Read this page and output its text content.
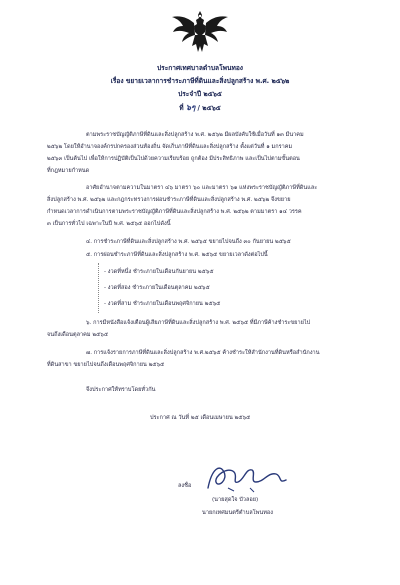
ประกาศเทศบาลตำบลโพนทอง
เรื่อง ขยายเวลาการชำระภาษีที่ดินและสิ่งปลูกสร้าง พ.ศ. ๒๕๖๒
ประจำปี ๒๕๖๕
ที่ ๖ๆ / ๒๕๖๕
ตามพระราชบัญญัติภาษีที่ดินและสิ่งปลูกสร้าง พ.ศ. ๒๕๖๒ มีผลบังคับใช้เมื่อวันที่ ๑๓ มีนาคม
๒๕๖๒ โดยให้อำนาจองค์กรปกครองส่วนท้องถิ่น จัดเก็บภาษีที่ดินและสิ่งปลูกสร้าง ตั้งแต่วันที่ ๑ มกราคม
๒๕๖๓ เป็นต้นไป เพื่อให้การปฏิบัติเป็นไปด้วยความเรียบร้อย ถูกต้อง มีประสิทธิภาพ และเป็นไปตามขั้นตอน
ที่กฎหมายกำหนด
อาศัยอำนาจตามความในมาตรา ๔๖ มาตรา ๖๐ และมาตรา ๖๑ แห่งพระราชบัญญัติภาษีที่ดินและ
สิ่งปลูกสร้าง พ.ศ. ๒๕๖๒ และกฎกระทรวงการผ่อนชำระภาษีที่ดินและสิ่งปลูกสร้าง พ.ศ. ๒๕๖๒ จึงขยาย
กำหนดเวลาการดำเนินการตามพระราชบัญญัติภาษีที่ดินและสิ่งปลูกสร้าง พ.ศ. ๒๕๖๒ ตามมาตรา ๑๔ วรรค
๓ เป็นการทั่วไป เฉพาะในปี พ.ศ. ๒๕๖๕ ออกไปดังนี้
๔. การชำระภาษีที่ดินและสิ่งปลูกสร้าง พ.ศ. ๒๕๖๕ ขยายไปจนถึง ๓๐ กันยายน ๒๕๖๕
๕. การผ่อนชำระภาษีที่ดินและสิ่งปลูกสร้าง พ.ศ. ๒๕๖๕ ขยายเวลาดังต่อไปนี้
- งวดที่หนึ่ง ชำระภายในเดือนกันยายน ๒๕๖๕
- งวดที่สอง ชำระภายในเดือนตุลาคม ๒๕๖๕
- งวดที่สาม ชำระภายในเดือนพฤศจิกายน ๒๕๖๕
๖. การมีหนังสือแจ้งเตือนผู้เสียภาษีที่ดินและสิ่งปลูกสร้าง พ.ศ. ๒๕๖๕ ที่มีภาษีค้างชำระขยายไป
จนถึงเดือนตุลาคม ๒๕๖๕
๗. การแจ้งรายการภาษีที่ดินและสิ่งปลูกสร้าง พ.ศ.๒๕๖๕ ค้างชำระให้สำนักงานที่ดินหรือสำนักงาน
ที่ดินสาขา ขยายไปจนถึงเดือนพฤศจิกายน ๒๕๖๕
จึงประกาศให้ทราบโดยทั่วกัน
ประกาศ ณ วันที่ ๒๕ เดือนเมษายน ๒๕๖๕
ลงชื่อ
(นายสุดใจ บัวลอย)
นายกเทศมนตรีตำบลโพนทอง
